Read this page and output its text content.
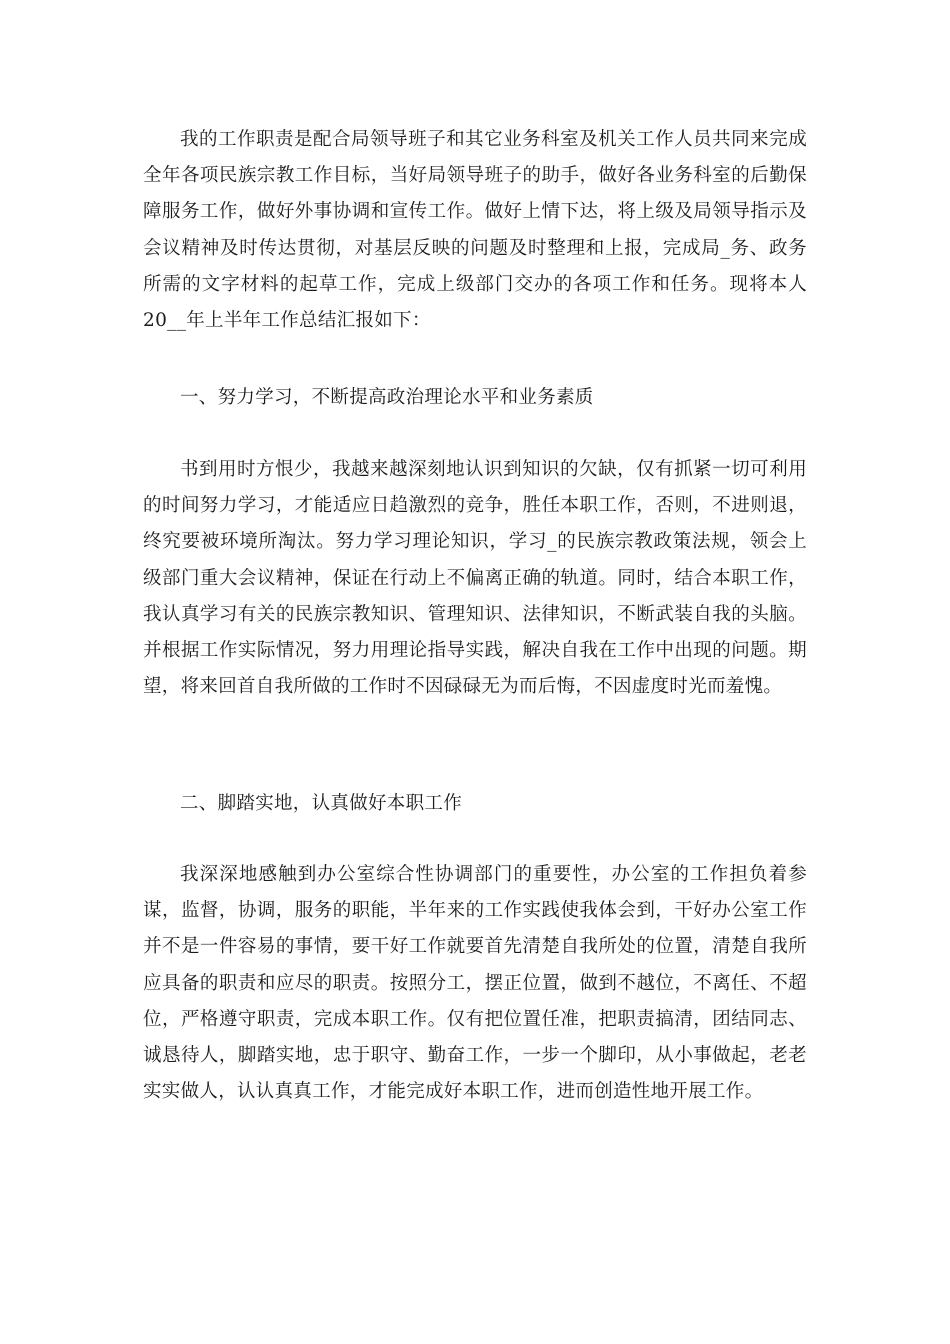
我的工作职责是配合局领导班子和其它业务科室及机关工作人员共同来完成全年各项民族宗教工作目标，当好局领导班子的助手，做好各业务科室的后勤保障服务工作，做好外事协调和宣传工作。做好上情下达，将上级及局领导指示及会议精神及时传达贯彻，对基层反映的问题及时整理和上报，完成局_务、政务所需的文字材料的起草工作，完成上级部门交办的各项工作和任务。现将本人20__年上半年工作总结汇报如下：

一、努力学习，不断提高政治理论水平和业务素质

书到用时方恨少，我越来越深刻地认识到知识的欠缺，仅有抓紧一切可利用的时间努力学习，才能适应日趋激烈的竞争，胜任本职工作，否则，不进则退，终究要被环境所淘汰。努力学习理论知识，学习_的民族宗教政策法规，领会上级部门重大会议精神，保证在行动上不偏离正确的轨道。同时，结合本职工作，我认真学习有关的民族宗教知识、管理知识、法律知识，不断武装自我的头脑。并根据工作实际情况，努力用理论指导实践，解决自我在工作中出现的问题。期望，将来回首自我所做的工作时不因碌碌无为而后悔，不因虚度时光而羞愧。

二、脚踏实地，认真做好本职工作

我深深地感触到办公室综合性协调部门的重要性，办公室的工作担负着参谋，监督，协调，服务的职能，半年来的工作实践使我体会到，干好办公室工作并不是一件容易的事情，要干好工作就要首先清楚自我所处的位置，清楚自我所应具备的职责和应尽的职责。按照分工，摆正位置，做到不越位，不离任、不超位，严格遵守职责，完成本职工作。仅有把位置任准，把职责搞清，团结同志、诚恳待人，脚踏实地，忠于职守、勤奋工作，一步一个脚印，从小事做起，老老实实做人，认认真真工作，才能完成好本职工作，进而创造性地开展工作。
